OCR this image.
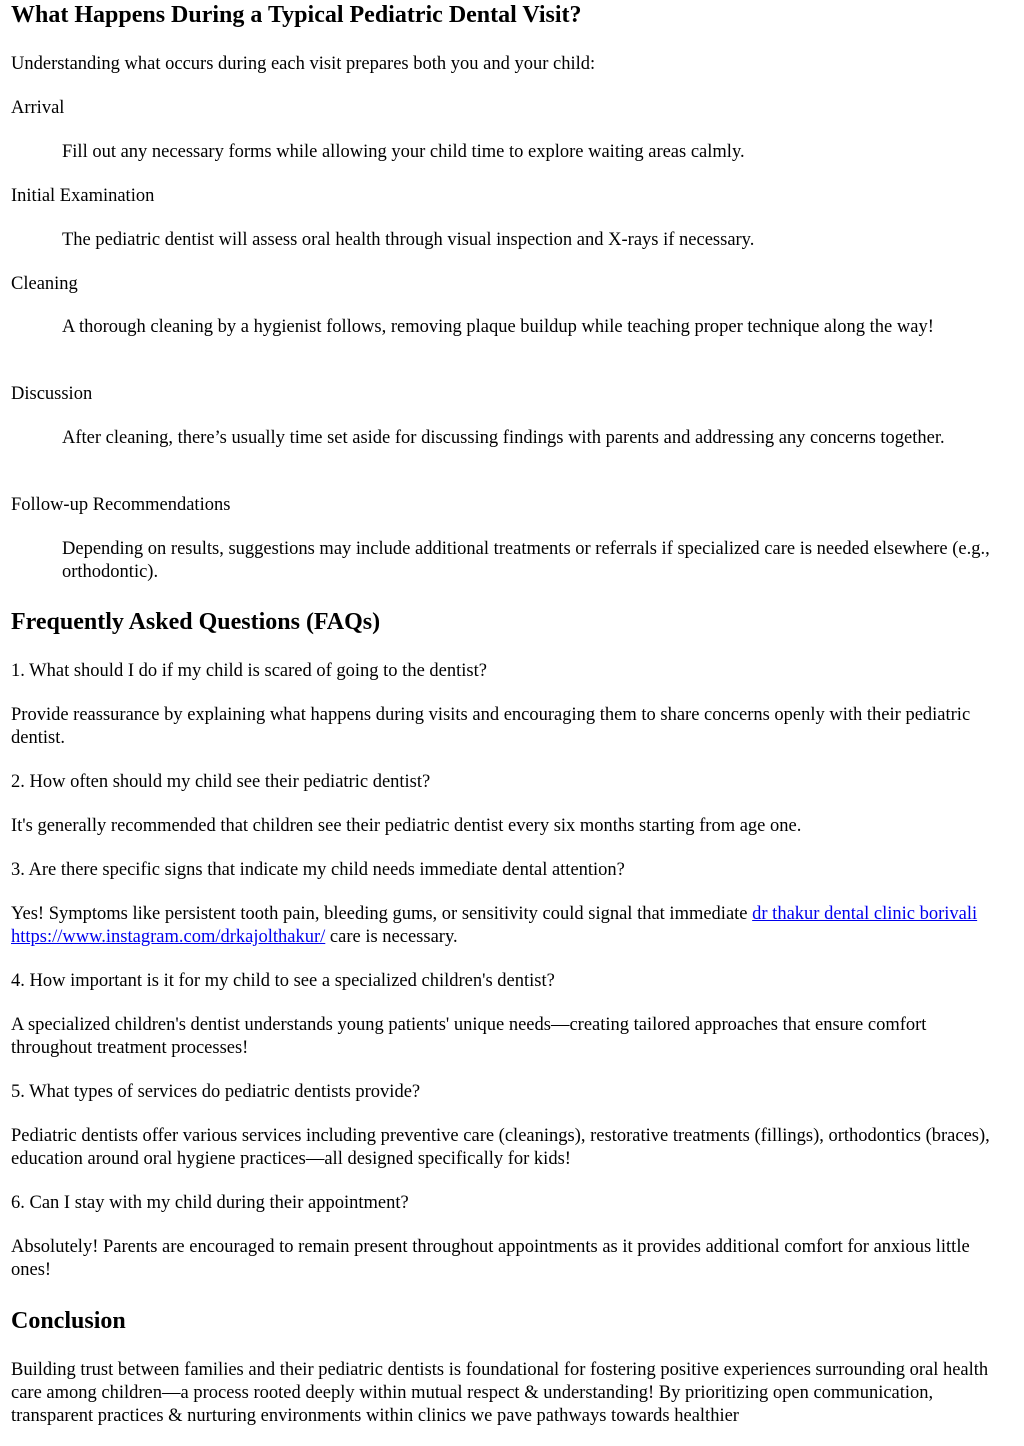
What Happens During a Typical Pediatric Dental Visit?

Understanding what occurs during each visit prepares both you and your child:

Arrival

Fill out any necessary forms while allowing your child time to explore waiting areas calmly.

Initial Examination

The pediatric dentist will assess oral health through visual inspection and X-rays if necessary.

Cleaning

A thorough cleaning by a hygienist follows, removing plaque buildup while teaching proper technique along the way!

Discussion

After cleaning, there’s usually time set aside for discussing findings with parents and addressing any concerns together.

Follow-up Recommendations

Depending on results, suggestions may include additional treatments or referrals if specialized care is needed elsewhere (e.g., orthodontic).

Frequently Asked Questions (FAQs)

1. What should I do if my child is scared of going to the dentist?

Provide reassurance by explaining what happens during visits and encouraging them to share concerns openly with their pediatric dentist.

2. How often should my child see their pediatric dentist?

It's generally recommended that children see their pediatric dentist every six months starting from age one.

3. Are there specific signs that indicate my child needs immediate dental attention?

Yes! Symptoms like persistent tooth pain, bleeding gums, or sensitivity could signal that immediate dr thakur dental clinic borivali https://www.instagram.com/drkajolthakur/ care is necessary.

4. How important is it for my child to see a specialized children's dentist?

A specialized children's dentist understands young patients' unique needs—creating tailored approaches that ensure comfort throughout treatment processes!

5. What types of services do pediatric dentists provide?

Pediatric dentists offer various services including preventive care (cleanings), restorative treatments (fillings), orthodontics (braces), education around oral hygiene practices—all designed specifically for kids!

6. Can I stay with my child during their appointment?

Absolutely! Parents are encouraged to remain present throughout appointments as it provides additional comfort for anxious little ones!

Conclusion

Building trust between families and their pediatric dentists is foundational for fostering positive experiences surrounding oral health care among children—a process rooted deeply within mutual respect & understanding! By prioritizing open communication, transparent practices & nurturing environments within clinics we pave pathways towards healthier
